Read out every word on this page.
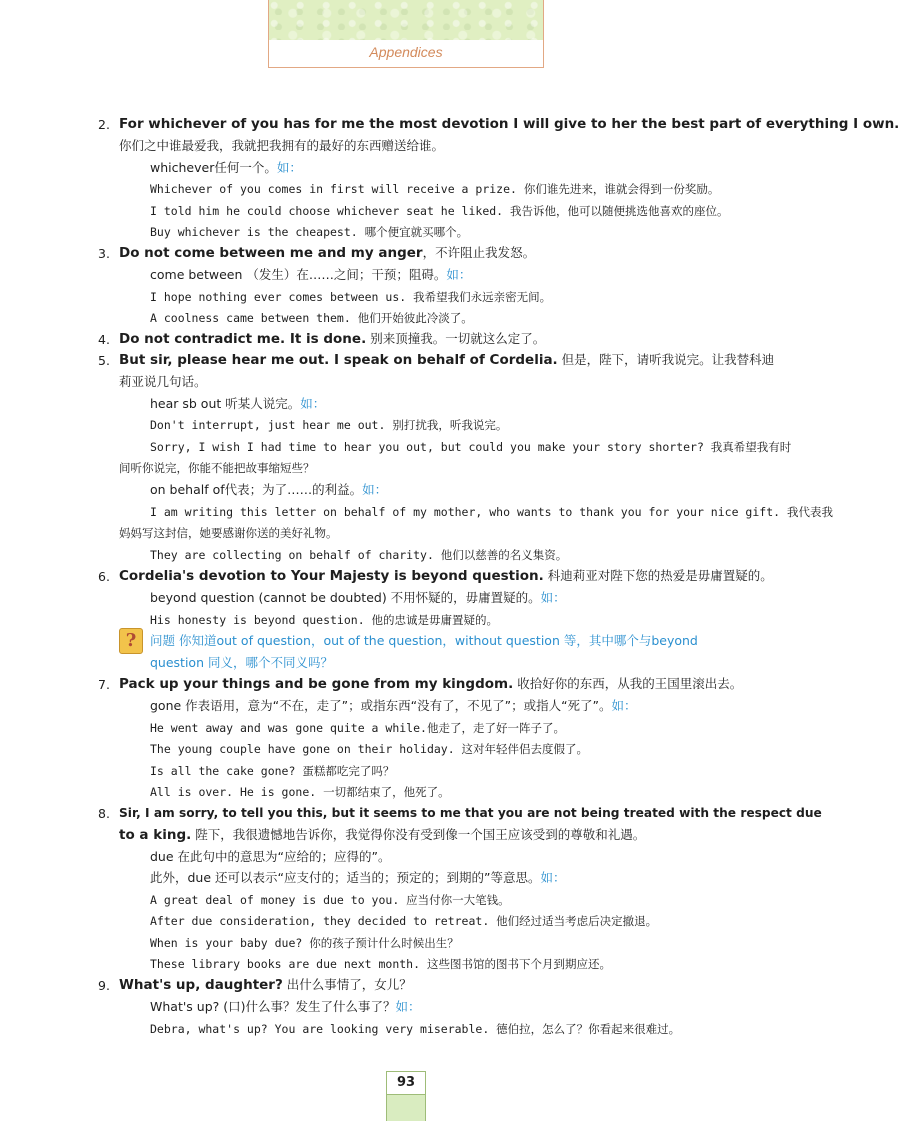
Appendices
2. For whichever of you has for me the most devotion I will give to her the best part of everything I own.
你们之中谁最爱我，我就把我拥有的最好的东西赠送给谁。
whichever任何一个。如：
Whichever of you comes in first will receive a prize. 你们谁先进来，谁就会得到一份奖励。
I told him he could choose whichever seat he liked. 我告诉他，他可以随便挑选他喜欢的座位。
Buy whichever is the cheapest. 哪个便宜就买哪个。
3. Do not come between me and my anger，不许阻止我发怒。
come between （发生）在……之间；干预；阻碍。如：
I hope nothing ever comes between us. 我希望我们永远亲密无间。
A coolness came between them. 他们开始彼此冷淡了。
4. Do not contradict me. It is done. 别来顶撞我。一切就这么定了。
5. But sir, please hear me out. I speak on behalf of Cordelia. 但是，陛下，请听我说完。让我替科迪
莉亚说几句话。
hear sb out 听某人说完。如：
Don't interrupt, just hear me out. 别打扰我，听我说完。
Sorry, I wish I had time to hear you out, but could you make your story shorter? 我真希望我有时
间听你说完，你能不能把故事缩短些？
on behalf of代表；为了……的利益。如：
I am writing this letter on behalf of my mother, who wants to thank you for your nice gift. 我代表我
妈妈写这封信，她要感谢你送的美好礼物。
They are collecting on behalf of charity. 他们以慈善的名义集资。
6. Cordelia's devotion to Your Majesty is beyond question. 科迪莉亚对陛下您的热爱是毋庸置疑的。
beyond question (cannot be doubted) 不用怀疑的，毋庸置疑的。如：
His honesty is beyond question. 他的忠诚是毋庸置疑的。
?	问题 你知道out of question，out of the question，without question 等，其中哪个与beyond
question 同义，哪个不同义吗？
7. Pack up your things and be gone from my kingdom. 收拾好你的东西，从我的王国里滚出去。
gone 作表语用，意为“不在，走了”；或指东西“没有了，不见了”；或指人“死了”。如：
He went away and was gone quite a while.他走了，走了好一阵子了。
The young couple have gone on their holiday. 这对年轻伴侣去度假了。
Is all the cake gone? 蛋糕都吃完了吗？
All is over. He is gone. 一切都结束了，他死了。
8. Sir, I am sorry, to tell you this, but it seems to me that you are not being treated with the respect due
to a king. 陛下，我很遗憾地告诉你，我觉得你没有受到像一个国王应该受到的尊敬和礼遇。
due 在此句中的意思为“应给的；应得的”。
此外，due 还可以表示“应支付的；适当的；预定的；到期的”等意思。如：
A great deal of money is due to you. 应当付你一大笔钱。
After due consideration, they decided to retreat. 他们经过适当考虑后决定撤退。
When is your baby due? 你的孩子预计什么时候出生？
These library books are due next month. 这些图书馆的图书下个月到期应还。
9. What's up, daughter? 出什么事情了，女儿？
What's up? (口)什么事？发生了什么事了？如：
Debra, what's up? You are looking very miserable. 德伯拉，怎么了？你看起来很难过。
93
